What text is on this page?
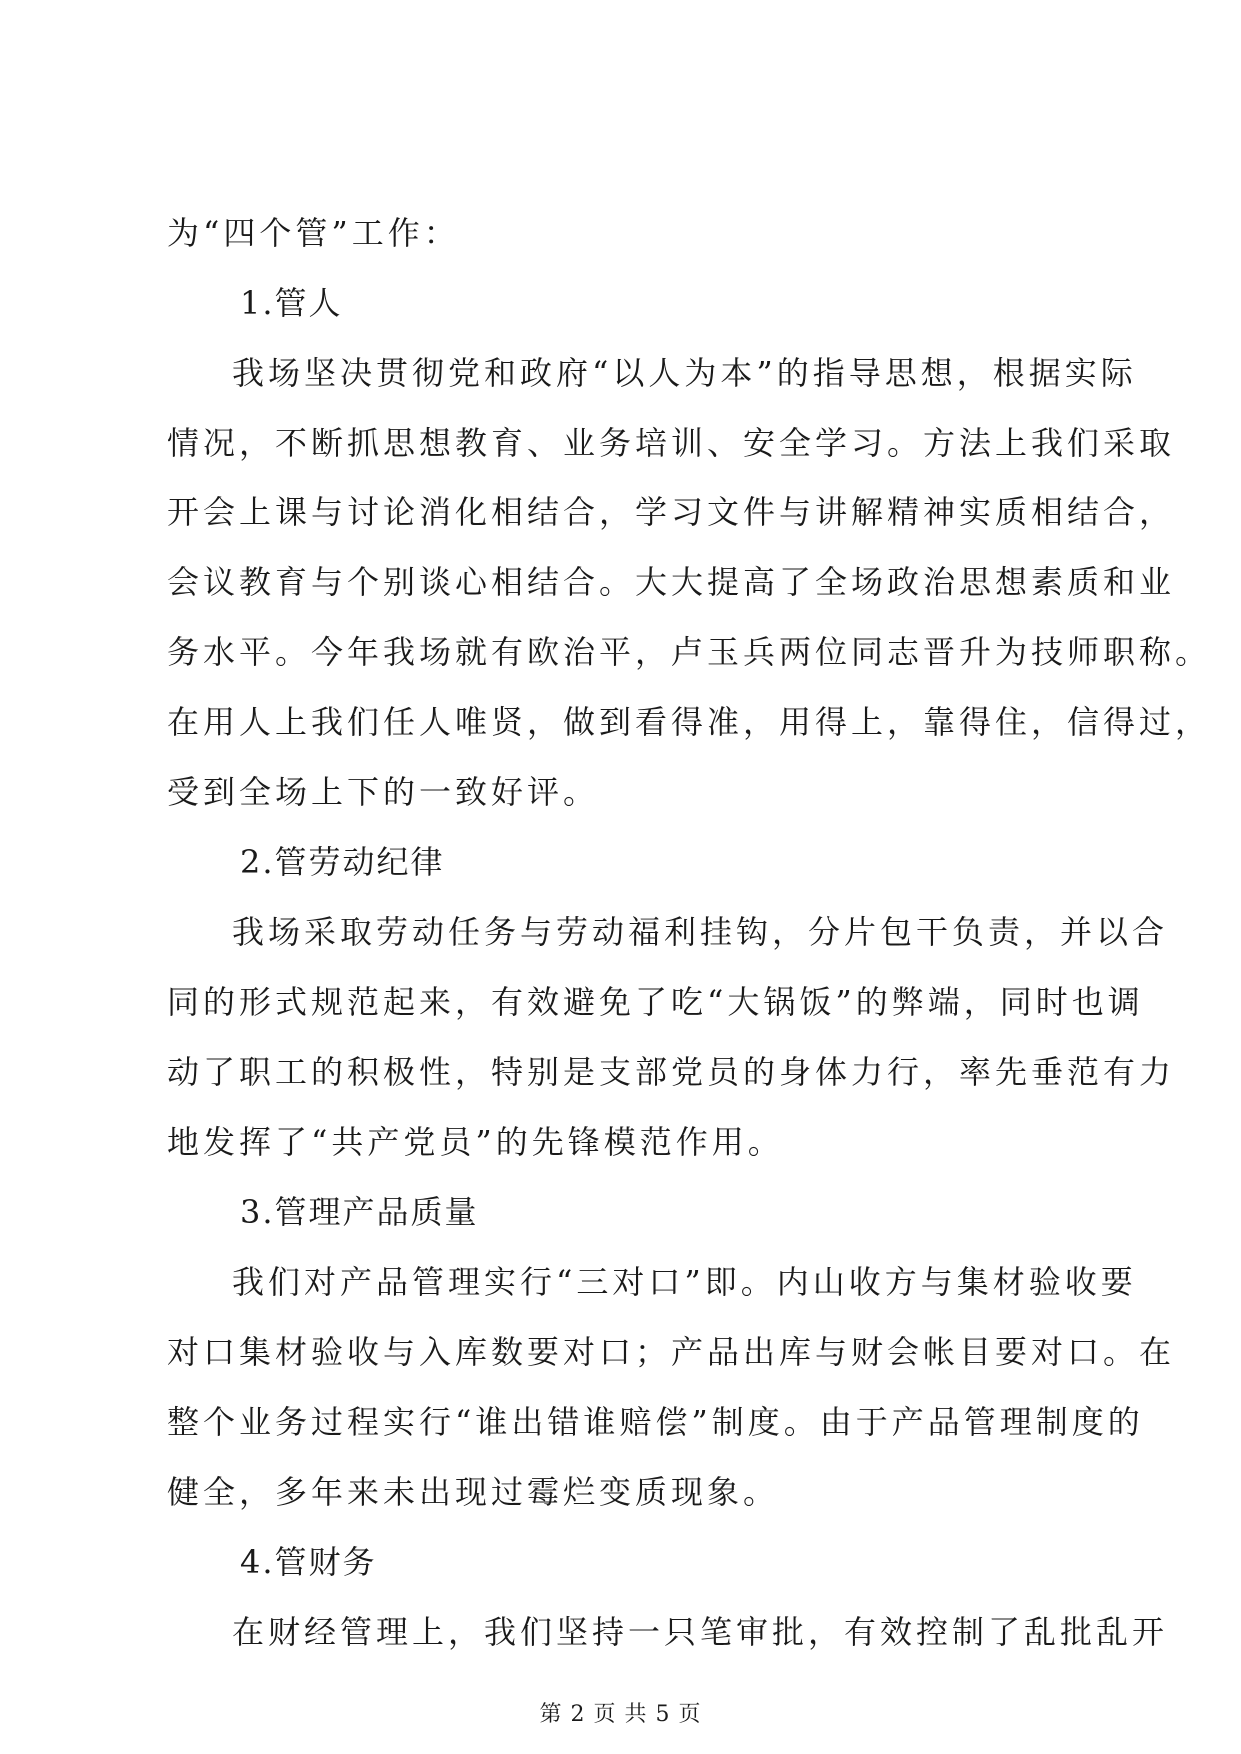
为“四个管”工作：
1.管人
我场坚决贯彻党和政府“以人为本”的指导思想，根据实际
情况，不断抓思想教育、业务培训、安全学习。方法上我们采取
开会上课与讨论消化相结合，学习文件与讲解精神实质相结合，
会议教育与个别谈心相结合。大大提高了全场政治思想素质和业
务水平。今年我场就有欧治平，卢玉兵两位同志晋升为技师职称。
在用人上我们任人唯贤，做到看得准，用得上，靠得住，信得过，
受到全场上下的一致好评。
2.管劳动纪律
我场采取劳动任务与劳动福利挂钩，分片包干负责，并以合
同的形式规范起来，有效避免了吃“大锅饭”的弊端，同时也调
动了职工的积极性，特别是支部党员的身体力行，率先垂范有力
地发挥了“共产党员”的先锋模范作用。
3.管理产品质量
我们对产品管理实行“三对口”即。内山收方与集材验收要
对口集材验收与入库数要对口；产品出库与财会帐目要对口。在
整个业务过程实行“谁出错谁赔偿”制度。由于产品管理制度的
健全，多年来未出现过霉烂变质现象。
4.管财务
在财经管理上，我们坚持一只笔审批，有效控制了乱批乱开
第 2 页 共 5 页
